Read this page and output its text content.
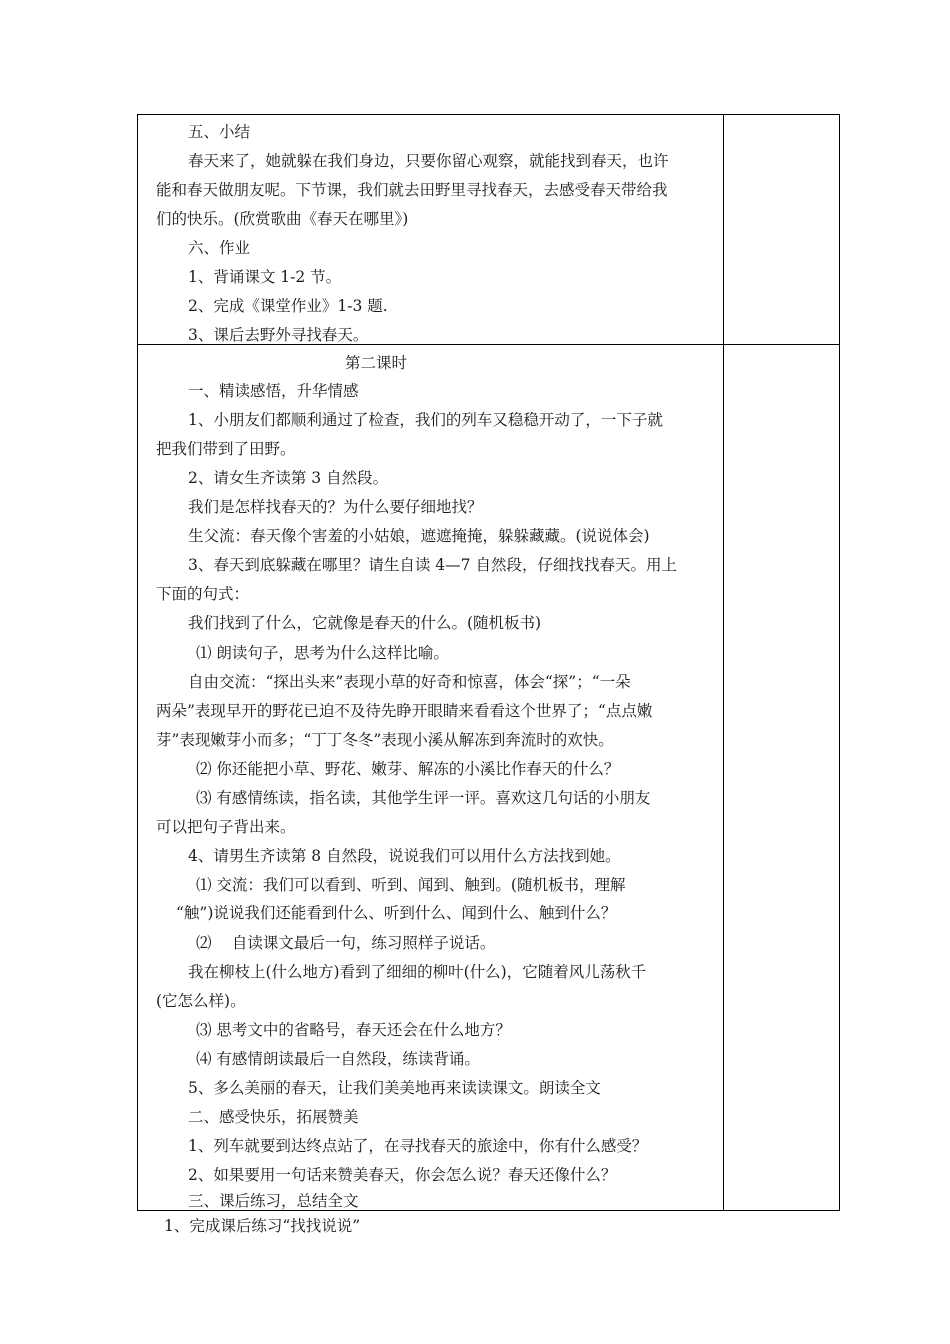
五、小结
春天来了，她就躲在我们身边，只要你留心观察，就能找到春天，也许
能和春天做朋友呢。下节课，我们就去田野里寻找春天，去感受春天带给我
们的快乐。(欣赏歌曲《春天在哪里》)
六、作业
1、背诵课文 1-2 节。
2、完成《课堂作业》1-3 题.
3、课后去野外寻找春天。
第二课时
一、精读感悟，升华情感
1、小朋友们都顺利通过了检查，我们的列车又稳稳开动了，一下子就
把我们带到了田野。
2、请女生齐读第 3 自然段。
我们是怎样找春天的？为什么要仔细地找？
生父流：春天像个害羞的小姑娘，遮遮掩掩，躲躲藏藏。(说说体会)
3、春天到底躲藏在哪里？请生自读 4—7 自然段，仔细找找春天。用上
下面的句式：
我们找到了什么，它就像是春天的什么。(随机板书)
⑴ 朗读句子，思考为什么这样比喻。
自由交流：“探出头来”表现小草的好奇和惊喜，体会“探”；“一朵
两朵”表现早开的野花已迫不及待先睁开眼睛来看看这个世界了；“点点嫩
芽”表现嫩芽小而多；“丁丁冬冬”表现小溪从解冻到奔流时的欢快。
⑵ 你还能把小草、野花、嫩芽、解冻的小溪比作春天的什么？
⑶ 有感情练读，指名读，其他学生评一评。喜欢这几句话的小朋友
可以把句子背出来。
4、请男生齐读第 8 自然段，说说我们可以用什么方法找到她。
⑴ 交流：我们可以看到、听到、闻到、触到。(随机板书，理解
“触”)说说我们还能看到什么、听到什么、闻到什么、触到什么？
⑵　 自读课文最后一句，练习照样子说话。
我在柳枝上(什么地方)看到了细细的柳叶(什么)，它随着风儿荡秋千
(它怎么样)。
⑶ 思考文中的省略号，春天还会在什么地方？
⑷ 有感情朗读最后一自然段，练读背诵。
5、多么美丽的春天，让我们美美地再来读读课文。朗读全文
二、感受快乐，拓展赞美
1、列车就要到达终点站了，在寻找春天的旅途中，你有什么感受？
2、如果要用一句话来赞美春天，你会怎么说？春天还像什么？
三、课后练习，总结全文
1、完成课后练习“找找说说”
